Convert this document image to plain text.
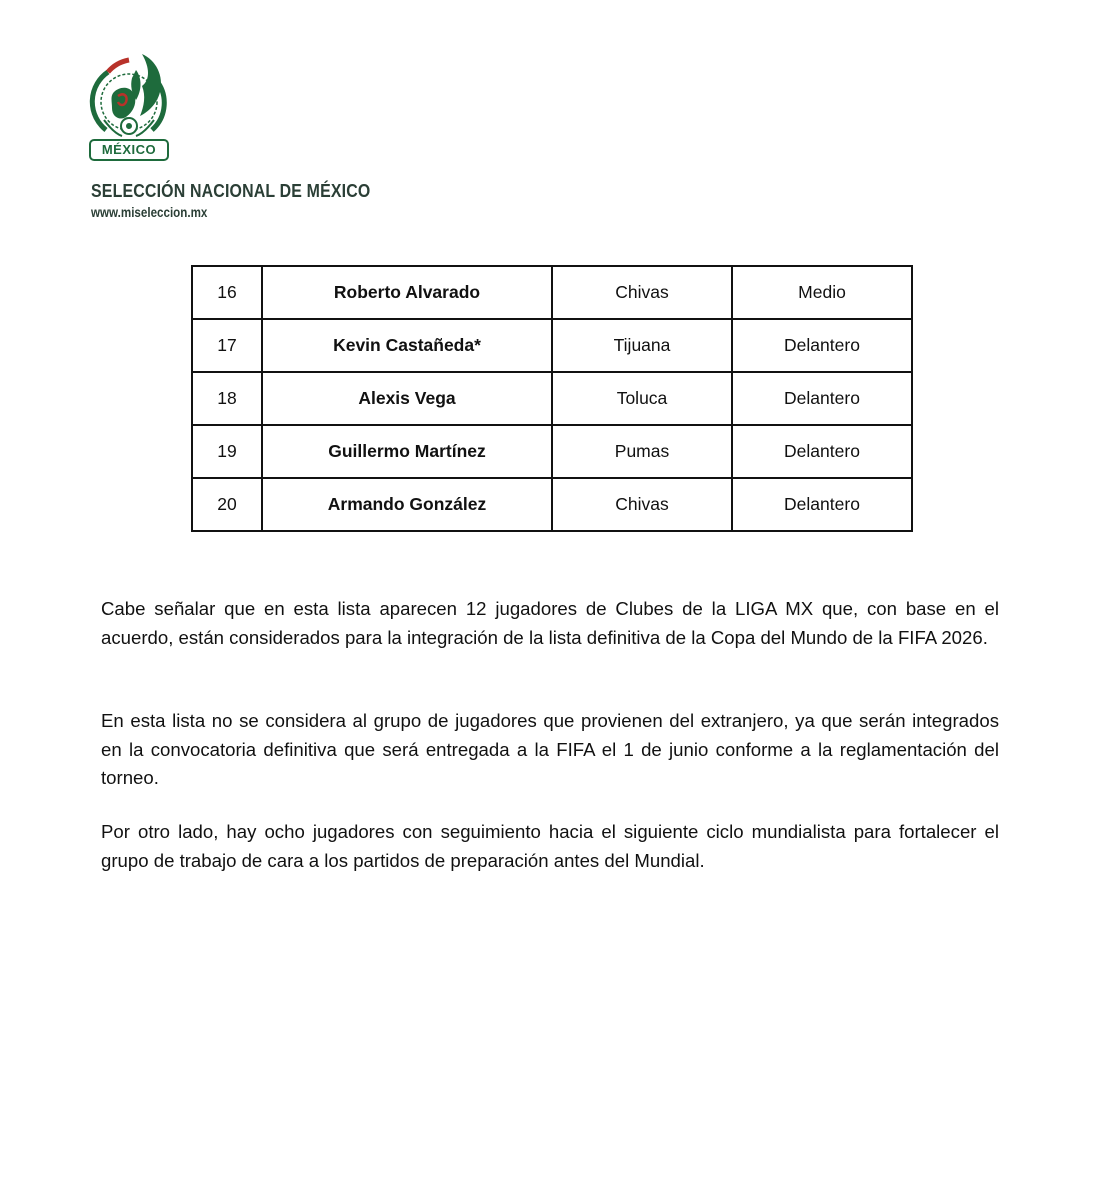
MÉXICO
SELECCIÓN NACIONAL DE MÉXICO
www.miseleccion.mx
16	Roberto Alvarado	Chivas	Medio
17	Kevin Castañeda*	Tijuana	Delantero
18	Alexis Vega	Toluca	Delantero
19	Guillermo Martínez	Pumas	Delantero
20	Armando González	Chivas	Delantero

Cabe señalar que en esta lista aparecen 12 jugadores de Clubes de la LIGA MX que, con base en el acuerdo, están considerados para la integración de la lista definitiva de la Copa del Mundo de la FIFA 2026.

En esta lista no se considera al grupo de jugadores que provienen del extranjero, ya que serán integrados en la convocatoria definitiva que será entregada a la FIFA el 1 de junio conforme a la reglamentación del torneo.

Por otro lado, hay ocho jugadores con seguimiento hacia el siguiente ciclo mundialista para fortalecer el grupo de trabajo de cara a los partidos de preparación antes del Mundial.
